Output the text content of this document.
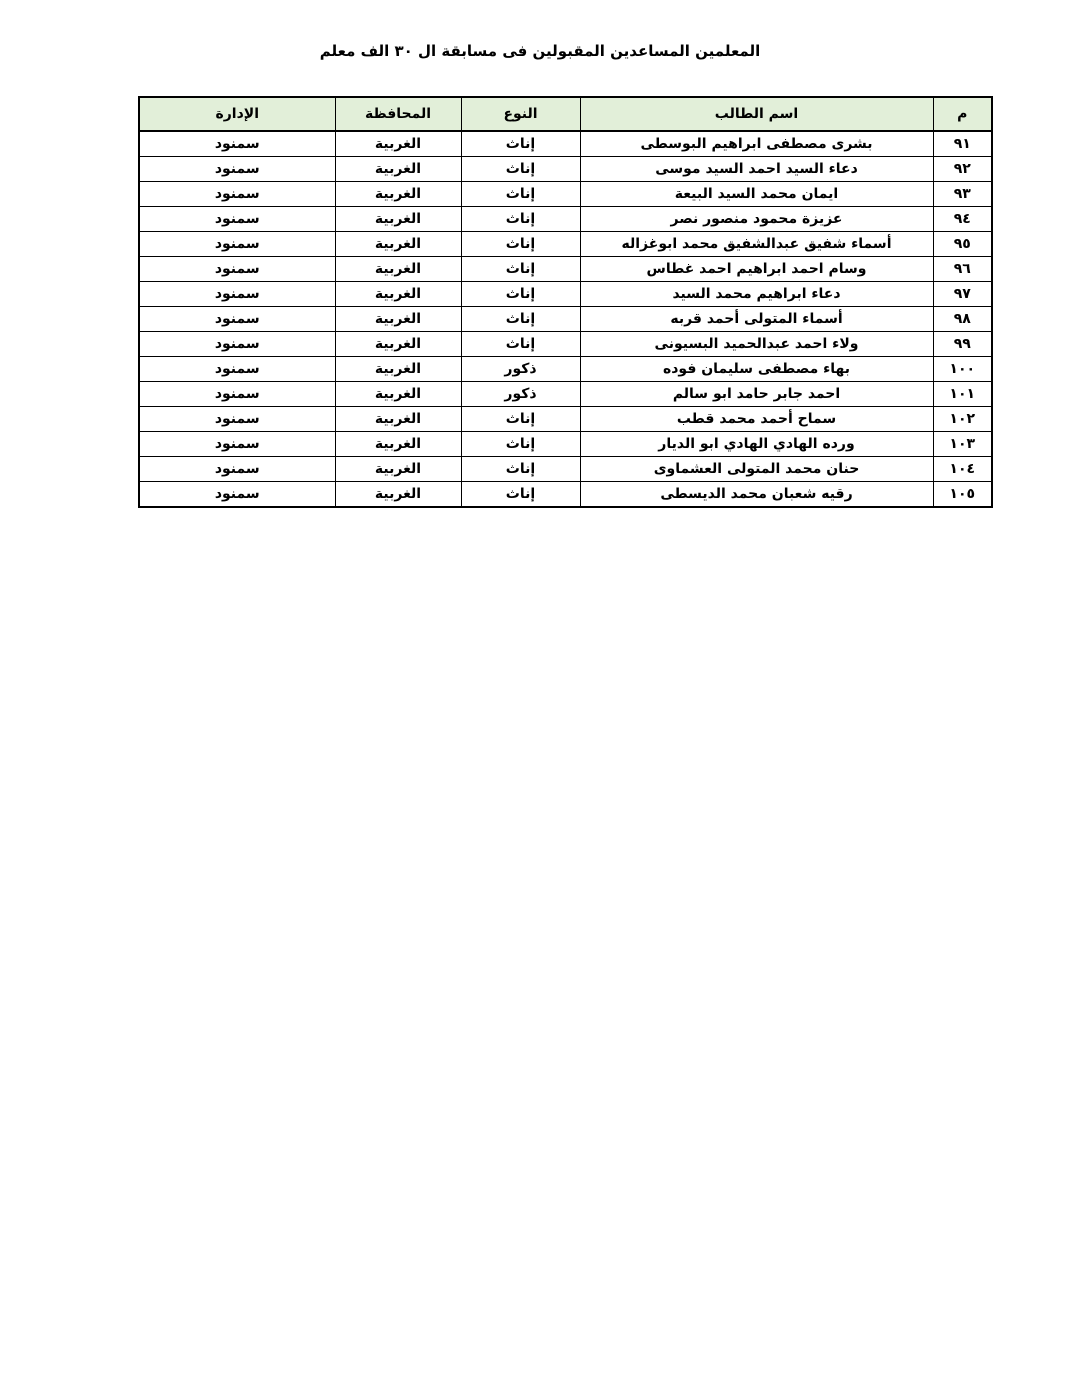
المعلمين المساعدين المقبولين فى مسابقة ال ٣٠ الف معلم
م	اسم الطالب	النوع	المحافظة	الإدارة
٩١	بشرى مصطفى ابراهيم البوسطى	إناث	الغربية	سمنود
٩٢	دعاء السيد احمد السيد موسى	إناث	الغربية	سمنود
٩٣	ايمان محمد السيد البيعة	إناث	الغربية	سمنود
٩٤	عزيزة محمود منصور نصر	إناث	الغربية	سمنود
٩٥	أسماء شفيق عبدالشفيق محمد ابوغزاله	إناث	الغربية	سمنود
٩٦	وسام احمد ابراهيم احمد غطاس	إناث	الغربية	سمنود
٩٧	دعاء ابراهيم محمد السيد	إناث	الغربية	سمنود
٩٨	أسماء المتولى أحمد قربه	إناث	الغربية	سمنود
٩٩	ولاء احمد عبدالحميد البسيونى	إناث	الغربية	سمنود
١٠٠	بهاء مصطفى سليمان فوده	ذكور	الغربية	سمنود
١٠١	احمد جابر حامد ابو سالم	ذكور	الغربية	سمنود
١٠٢	سماح أحمد محمد قطب	إناث	الغربية	سمنود
١٠٣	ورده الهادي الهادي ابو الديار	إناث	الغربية	سمنود
١٠٤	حنان محمد المتولى العشماوى	إناث	الغربية	سمنود
١٠٥	رقيه شعبان محمد الديسطى	إناث	الغربية	سمنود
